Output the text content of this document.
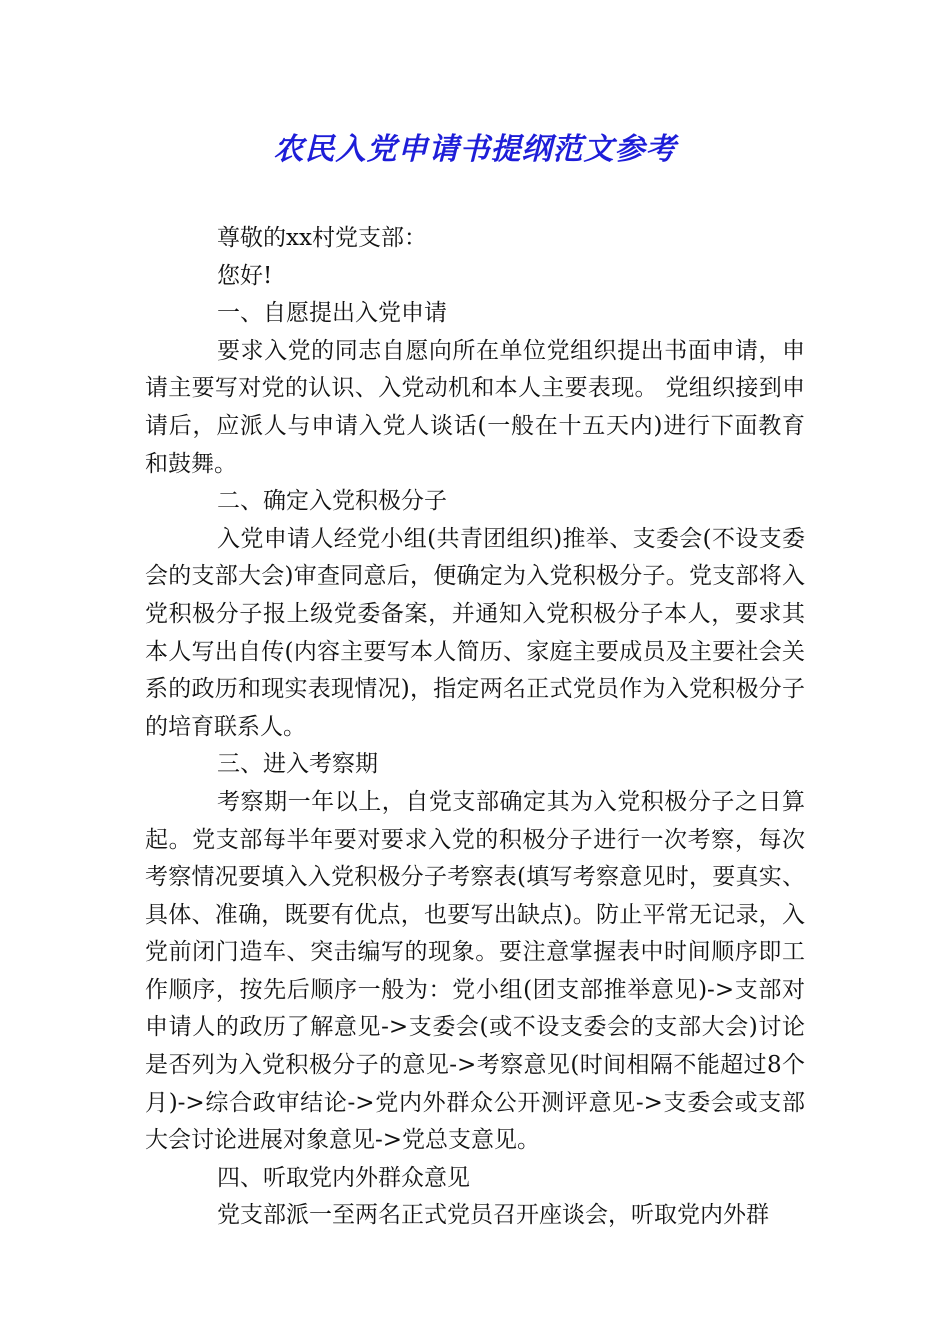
农民入党申请书提纲范文参考

尊敬的xx村党支部：

您好!

一、自愿提出入党申请

要求入党的同志自愿向所在单位党组织提出书面申请，申请主要写对党的认识、入党动机和本人主要表现。 党组织接到申请后，应派人与申请入党人谈话(一般在十五天内)进行下面教育和鼓舞。

二、确定入党积极分子

入党申请人经党小组(共青团组织)推举、支委会(不设支委会的支部大会)审查同意后，便确定为入党积极分子。党支部将入党积极分子报上级党委备案，并通知入党积极分子本人，要求其本人写出自传(内容主要写本人简历、家庭主要成员及主要社会关系的政历和现实表现情况)，指定两名正式党员作为入党积极分子的培育联系人。

三、进入考察期

考察期一年以上，自党支部确定其为入党积极分子之日算起。党支部每半年要对要求入党的积极分子进行一次考察，每次考察情况要填入入党积极分子考察表(填写考察意见时，要真实、具体、准确，既要有优点，也要写出缺点)。防止平常无记录，入党前闭门造车、突击编写的现象。要注意掌握表中时间顺序即工作顺序，按先后顺序一般为：党小组(团支部推举意见)->支部对申请人的政历了解意见->支委会(或不设支委会的支部大会)讨论是否列为入党积极分子的意见->考察意见(时间相隔不能超过8个月)->综合政审结论->党内外群众公开测评意见->支委会或支部大会讨论进展对象意见->党总支意见。

四、听取党内外群众意见

党支部派一至两名正式党员召开座谈会，听取党内外群
